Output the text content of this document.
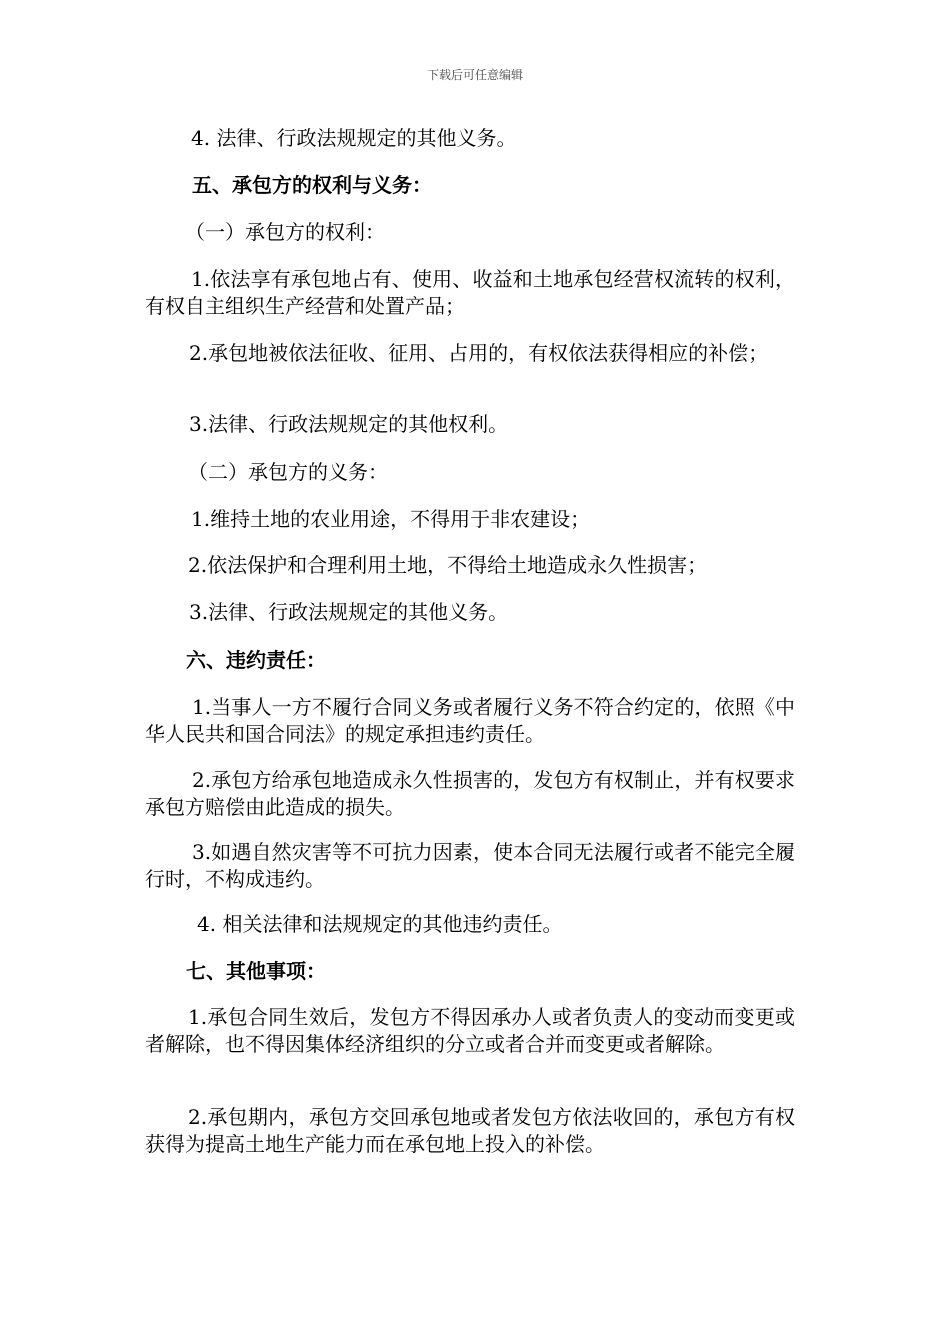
下载后可任意编辑

4. 法律、行政法规规定的其他义务。

五、承包方的权利与义务：

（一）承包方的权利：

1.依法享有承包地占有、使用、收益和土地承包经营权流转的权利，有权自主组织生产经营和处置产品；

2.承包地被依法征收、征用、占用的，有权依法获得相应的补偿；

3.法律、行政法规规定的其他权利。

（二）承包方的义务：

1.维持土地的农业用途，不得用于非农建设；

2.依法保护和合理利用土地，不得给土地造成永久性损害；

3.法律、行政法规规定的其他义务。

六、违约责任：

1.当事人一方不履行合同义务或者履行义务不符合约定的，依照《中华人民共和国合同法》的规定承担违约责任。

2.承包方给承包地造成永久性损害的，发包方有权制止，并有权要求承包方赔偿由此造成的损失。

3.如遇自然灾害等不可抗力因素，使本合同无法履行或者不能完全履行时，不构成违约。

4. 相关法律和法规规定的其他违约责任。

七、其他事项：

1.承包合同生效后，发包方不得因承办人或者负责人的变动而变更或者解除，也不得因集体经济组织的分立或者合并而变更或者解除。

2.承包期内，承包方交回承包地或者发包方依法收回的，承包方有权获得为提高土地生产能力而在承包地上投入的补偿。
